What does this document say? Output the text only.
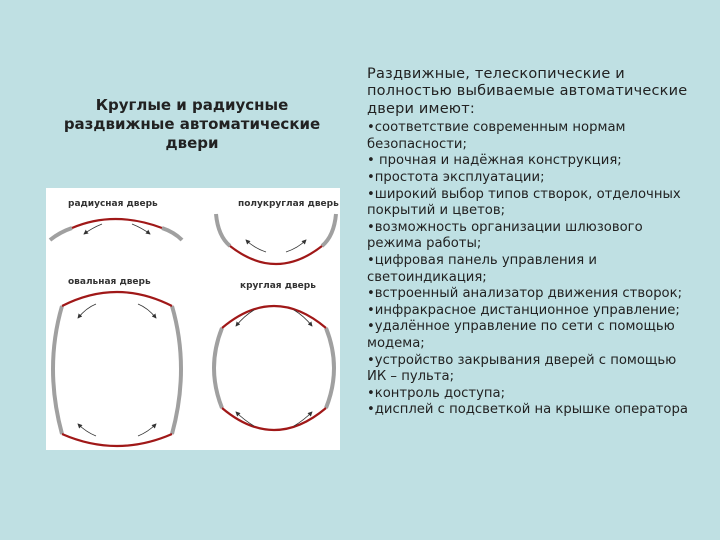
Круглые и радиусные раздвижные автоматические двери
радиусная дверь	полукруглая дверь
овальная дверь	круглая дверь
Раздвижные, телескопические и полностью выбиваемые автоматические двери имеют:
•соответствие современным нормам безопасности;
• прочная и надёжная конструкция;
•простота эксплуатации;
•широкий выбор типов створок, отделочных покрытий и цветов;
•возможность организации шлюзового режима работы;
•цифровая панель управления и светоиндикация;
•встроенный анализатор движения створок;
•инфракрасное дистанционное управление;
•удалённое управление по сети с помощью модема;
•устройство закрывания дверей с помощью ИК – пульта;
•контроль доступа;
•дисплей с подсветкой на крышке оператора
